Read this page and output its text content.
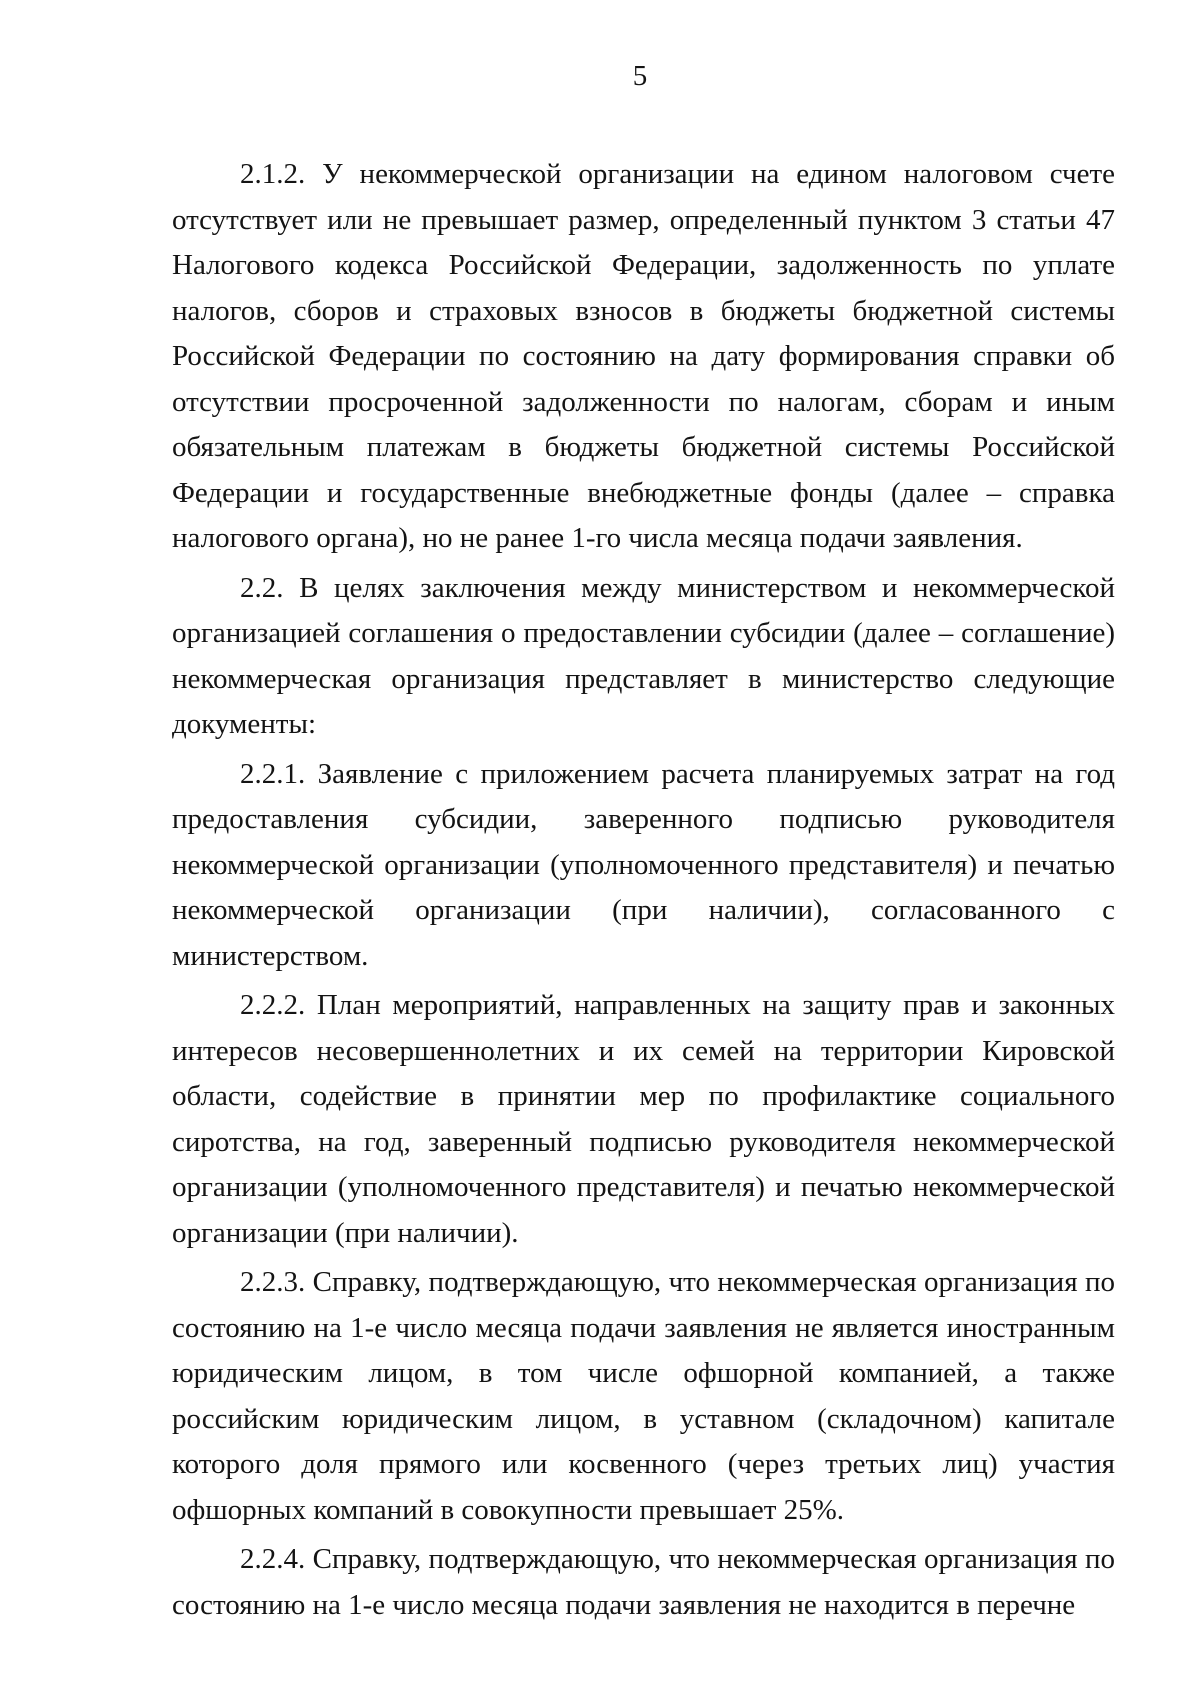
5

2.1.2. У некоммерческой организации на едином налоговом счете отсутствует или не превышает размер, определенный пунктом 3 статьи 47 Налогового кодекса Российской Федерации, задолженность по уплате налогов, сборов и страховых взносов в бюджеты бюджетной системы Российской Федерации по состоянию на дату формирования справки об отсутствии просроченной задолженности по налогам, сборам и иным обязательным платежам в бюджеты бюджетной системы Российской Федерации и государственные внебюджетные фонды (далее – справка налогового органа), но не ранее 1-го числа месяца подачи заявления.

2.2. В целях заключения между министерством и некоммерческой организацией соглашения о предоставлении субсидии (далее – соглашение) некоммерческая организация представляет в министерство следующие документы:

2.2.1. Заявление с приложением расчета планируемых затрат на год предоставления субсидии, заверенного подписью руководителя некоммерческой организации (уполномоченного представителя) и печатью некоммерческой организации (при наличии), согласованного с министерством.

2.2.2. План мероприятий, направленных на защиту прав и законных интересов несовершеннолетних и их семей на территории Кировской области, содействие в принятии мер по профилактике социального сиротства, на год, заверенный подписью руководителя некоммерческой организации (уполномоченного представителя) и печатью некоммерческой организации (при наличии).

2.2.3. Справку, подтверждающую, что некоммерческая организация по состоянию на 1-е число месяца подачи заявления не является иностранным юридическим лицом, в том числе офшорной компанией, а также российским юридическим лицом, в уставном (складочном) капитале которого доля прямого или косвенного (через третьих лиц) участия офшорных компаний в совокупности превышает 25%.

2.2.4. Справку, подтверждающую, что некоммерческая организация по состоянию на 1-е число месяца подачи заявления не находится в перечне
